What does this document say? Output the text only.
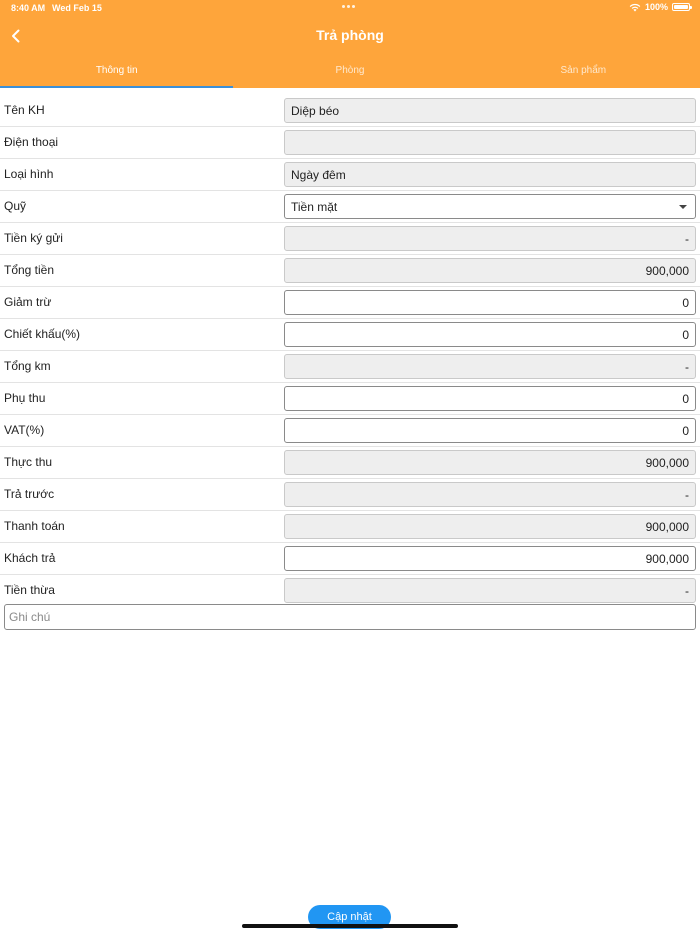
8:40 AM Wed Feb 15	100%
Trả phòng
Thông tin	Phòng	Sản phẩm
Tên KH	Diệp béo
Điện thoại
Loại hình	Ngày đêm
Quỹ	Tiền mặt
Tiền ký gửi	-
Tổng tiền	900,000
Giảm trừ	0
Chiết khấu(%)	0
Tổng km	-
Phụ thu	0
VAT(%)	0
Thực thu	900,000
Trả trước	-
Thanh toán	900,000
Khách trả	900,000
Tiền thừa	-
Ghi chú
Cập nhật
